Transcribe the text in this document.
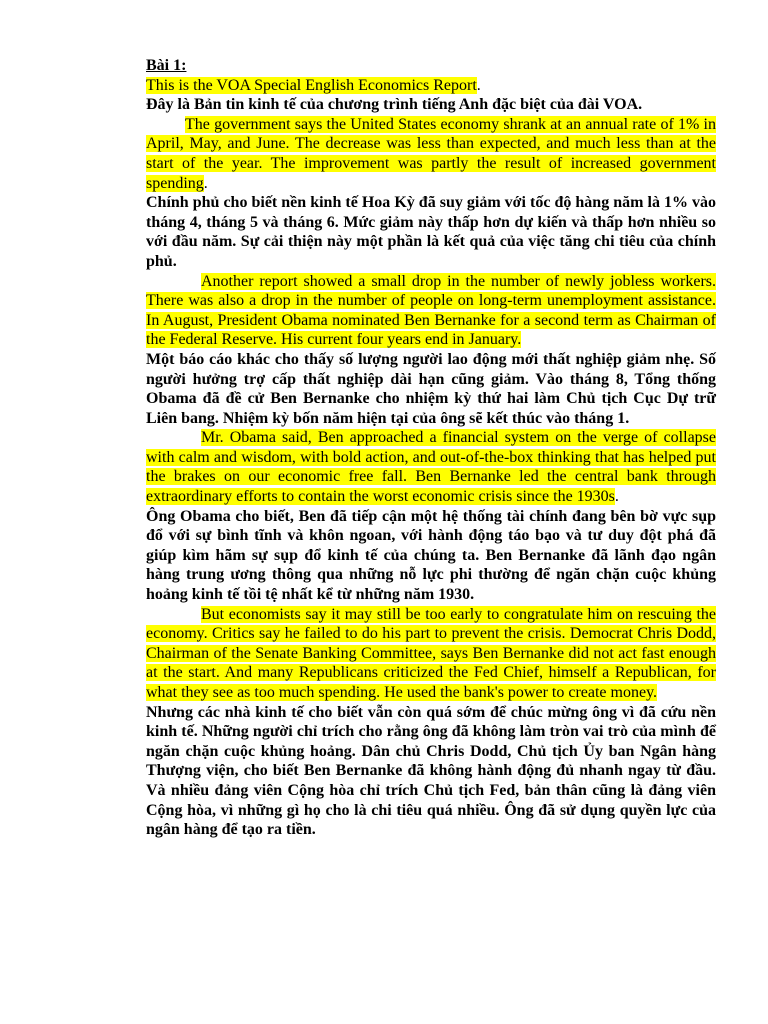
Bài 1:

This is the VOA Special English Economics Report.

Đây là Bản tin kinh tế của chương trình tiếng Anh đặc biệt của đài VOA.

The government says the United States economy shrank at an annual rate of 1% in April, May, and June. The decrease was less than expected, and much less than at the start of the year. The improvement was partly the result of increased government spending.

Chính phủ cho biết nền kinh tế Hoa Kỳ đã suy giảm với tốc độ hàng năm là 1% vào tháng 4, tháng 5 và tháng 6. Mức giảm này thấp hơn dự kiến và thấp hơn nhiều so với đầu năm. Sự cải thiện này một phần là kết quả của việc tăng chi tiêu của chính phủ.

Another report showed a small drop in the number of newly jobless workers. There was also a drop in the number of people on long-term unemployment assistance. In August, President Obama nominated Ben Bernanke for a second term as Chairman of the Federal Reserve. His current four years end in January.

Một báo cáo khác cho thấy số lượng người lao động mới thất nghiệp giảm nhẹ. Số người hưởng trợ cấp thất nghiệp dài hạn cũng giảm. Vào tháng 8, Tổng thống Obama đã đề cử Ben Bernanke cho nhiệm kỳ thứ hai làm Chủ tịch Cục Dự trữ Liên bang. Nhiệm kỳ bốn năm hiện tại của ông sẽ kết thúc vào tháng 1.

Mr. Obama said, Ben approached a financial system on the verge of collapse with calm and wisdom, with bold action, and out-of-the-box thinking that has helped put the brakes on our economic free fall. Ben Bernanke led the central bank through extraordinary efforts to contain the worst economic crisis since the 1930s.

Ông Obama cho biết, Ben đã tiếp cận một hệ thống tài chính đang bên bờ vực sụp đổ với sự bình tĩnh và khôn ngoan, với hành động táo bạo và tư duy đột phá đã giúp kìm hãm sự sụp đổ kinh tế của chúng ta. Ben Bernanke đã lãnh đạo ngân hàng trung ương thông qua những nỗ lực phi thường để ngăn chặn cuộc khủng hoảng kinh tế tồi tệ nhất kể từ những năm 1930.

But economists say it may still be too early to congratulate him on rescuing the economy. Critics say he failed to do his part to prevent the crisis. Democrat Chris Dodd, Chairman of the Senate Banking Committee, says Ben Bernanke did not act fast enough at the start. And many Republicans criticized the Fed Chief, himself a Republican, for what they see as too much spending. He used the bank's power to create money.

Nhưng các nhà kinh tế cho biết vẫn còn quá sớm để chúc mừng ông vì đã cứu nền kinh tế. Những người chỉ trích cho rằng ông đã không làm tròn vai trò của mình để ngăn chặn cuộc khủng hoảng. Dân chủ Chris Dodd, Chủ tịch Ủy ban Ngân hàng Thượng viện, cho biết Ben Bernanke đã không hành động đủ nhanh ngay từ đầu. Và nhiều đảng viên Cộng hòa chỉ trích Chủ tịch Fed, bản thân cũng là đảng viên Cộng hòa, vì những gì họ cho là chi tiêu quá nhiều. Ông đã sử dụng quyền lực của ngân hàng để tạo ra tiền.
